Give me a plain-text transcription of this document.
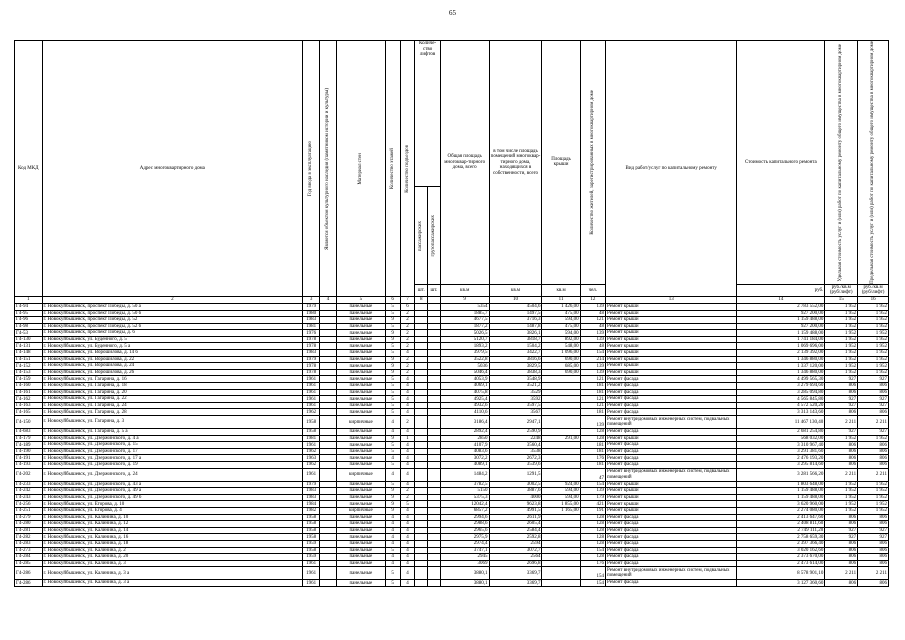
65
Код МКД	Адрес многоквартирного дома	Год ввода в эксплуатацию	Является объектом культурного наследия (памятником истории и культуры)	Материал стен	Количество этажей	Количество подъездов	Количе-ство лифтов		Общая площадь многоквар-тирного дома, всего	в том числе площадь помещений многоквар-тирного дома, находящихся в собственности, всего	Площадь крыши	Количество жителей, зарегистрированных в многоквартирном доме	Вид работ/услуг по капитальному ремонту	Стоимость капитального ремонта	Удельная стоимость услуг и (или) работ по капитальному ремонту общего имущества в многоквартирном доме	Предельная стоимость услуг и (или) работ по капитальному ремонту общего имущества в многоквартирном доме

							пассажирских	грузопассажирских								

							шт.	шт.	кв.м	кв.м	кв.м	чел.		руб.	руб./кв.м (руб/лифт)	руб./кв.м (руб/лифт)
1	2	3	4	5	6	7	8		9	10	11	12	13	14	15	16
Г4-94	г. Новокуйбышевск, проспект Победы, д. 50 а	1979		панельные	5	6			5354	4504,6	1 426,00	139	Ремонт крыши	2 783 552,00	1 952	1 952
Г4-95	г. Новокуйбышевск, проспект Победы, д. 50 б	1980		панельные	5	2			1885,7	1497,5	475,00	48	Ремонт крыши	927 200,00	1 952	1 952
Г4-96	г. Новокуйбышевск, проспект Победы, д. 52	1983		панельные	9	2			4677,5	3716,3	594,00	121	Ремонт крыши	1 159 488,00	1 952	1 952
Г4-98	г. Новокуйбышевск, проспект Победы, д. 52 б	1981		панельные	5	2			1877,2	1487,8	475,00	48	Ремонт крыши	927 200,00	1 952	1 952
Г4-53	г. Новокуйбышевск, проспект Победы, д. 6	1976		панельные	9	2			5026,5	3826,1	594,00	139	Ремонт крыши	1 159 488,00	1 952	1 952
Г4-130	г. Новокуйбышевск, ул. Буденного, д. 5	1978		панельные	9	2			5120,7	3818,7	892,00	139	Ремонт крыши	1 741 184,00	1 952	1 952
Г4-131	г. Новокуйбышевск, ул. Буденного, д. 5 а	1978		панельные	5	2			1893,2	1504,2	548,00	48	Ремонт крыши	1 069 696,00	1 952	1 952
Г4-148	г. Новокуйбышевск, ул. Ворошилова, д. 14 б	1983		панельные	5	4			3979,5	3422,7	1 096,00	154	Ремонт крыши	2 139 392,00	1 952	1 952
Г4-151	г. Новокуйбышевск, ул. Ворошилова, д. 22	1979		панельные	9	2			3522,8	3816,6	690,00	214	Ремонт крыши	1 346 880,00	1 952	1 952
Г4-152	г. Новокуйбышевск, ул. Ворошилова, д. 24	1978		панельные	9	2			5036	3829,5	685,00	139	Ремонт крыши	1 337 120,00	1 952	1 952
Г4-153	г. Новокуйбышевск, ул. Ворошилова, д. 26	1978		панельные	9	2			5046,4	3838,3	690,00	139	Ремонт крыши	1 346 880,00	1 952	1 952
Г4-159	г. Новокуйбышевск, ул. Гагарина, д. 16	1961		панельные	5	4			4053,9	3548,9		121	Ремонт фасада	4 499 565,30	927	927
Г4-160	г. Новокуйбышевск, ул. Гагарина, д. 18	1961		панельные	5	4			4069,1	3521,2		181	Ремонт фасада	3 279 694,60	806	806
Г4-161	г. Новокуйбышевск, ул. Гагарина, д. 20	1961		панельные	5	4			4075,8	3529		181	Ремонт фасада	3 285 094,80	806	806
Г4-162	г. Новокуйбышевск, ул. Гагарина, д. 22	1961		панельные	5	4			4925,4	3592		121	Ремонт фасада	4 565 845,80	927	927
Г4-163	г. Новокуйбышевск, ул. Гагарина, д. 24	1961		панельные	5	4			4932,6	3597,5		121	Ремонт фасада	4 572 520,20	927	927
Г4-165	г. Новокуйбышевск, ул. Гагарина, д. 28	1962		панельные	5	4			4110,6	3567		181	Ремонт фасада	3 313 143,60	806	806
Г4-150	г. Новокуйбышевск, ул. Гагарина, д. 3	1958		кирпичные	4	2			3186,4	2947,1		139	Ремонт внутридомовых инженерных систем, подвальных помещений	11 467 130,40	2 211	2 211
Г4-683	г. Новокуйбышевск, ул. Гагарина, д. 5 а	1958		панельные	4	4			2892,4	2590,9		128	Ремонт фасада	2 681 254,80	927	927
Г4-179	г. Новокуйбышевск, ул. Дзержинского, д. 4 а	1981		панельные	9	1			2850	2248	291,00	128	Ремонт крыши	568 032,00	1 952	1 952
Г4-189	г. Новокуйбышевск, ул. Дзержинского, д. 15	1961		панельные	5	4			4107,9	3560,4		181	Ремонт фасада	3 310 967,40	806	806
Г4-190	г. Новокуйбышевск, ул. Дзержинского, д. 17	1962		панельные	5	4			4083,6	3538		181	Ремонт фасада	3 291 381,60	806	806
Г4-191	г. Новокуйбышевск, ул. Дзержинского, д. 17 а	1963		панельные	4	4			3072,2	2672,3		176	Ремонт фасада	2 476 193,20	806	806
Г4-193	г. Новокуйбышевск, ул. Дзержинского, д. 19	1962		панельные	5	4			4089,1	3539,6		181	Ремонт фасада	3 295 814,60	806	806
Г4-202	г. Новокуйбышевск, ул. Дзержинского, д. 24	1961		кирпичные	4	4			1484,2	1291,5		47	Ремонт внутридомовых инженерных систем, подвальных помещений	3 281 566,20	2 211	2 211
Г4-233	г. Новокуйбышевск, ул. Дзержинского, д. 43 а	1979		панельные	5	4			3782,5	3002,5	924,00	154	Ремонт крыши	1 803 648,00	1 952	1 952
Г4-242	г. Новокуйбышевск, ул. Дзержинского, д. 49 а	1983		панельные	9	2			5150	3887,6	594,00	139	Ремонт крыши	1 159 488,00	1 952	1 952
Г4-243	г. Новокуйбышевск, ул. Дзержинского, д. 49 б	1983		панельные	9	2			5375,3	4000	594,00	179	Ремонт крыши	1 159 488,00	1 952	1 952
Г4-256	г. Новокуйбышевск, ул. Егорова, д. 10	1984		панельные	9	5			12042,4	9623,8	1 855,00	421	Ремонт крыши	3 620 960,00	1 952	1 952
Г4-251	г. Новокуйбышевск, ул. Егорова, д. 4	1982		кирпичные	9	4			6857,2	4991,5	1 165,00	191	Ремонт крыши	2 274 080,00	1 952	1 952
Г4-279	г. Новокуйбышевск, ул. Калинина, д. 10	1958		панельные	4	4			2994,6	2611,9		128	Ремонт фасада	2 413 647,60	806	806
Г4-280	г. Новокуйбышевск, ул. Калинина, д. 12	1958		панельные	4	4			2988,6	2605,4		128	Ремонт фасада	2 408 811,60	806	806
Г4-281	г. Новокуйбышевск, ул. Калинина, д. 14	1958		панельные	4	4			2965,6	2584,4		128	Ремонт фасада	2 749 111,20	927	927
Г4-282	г. Новокуйбышевск, ул. Калинина, д. 16	1958		панельные	4	4			2975,9	2592,8		128	Ремонт фасада	2 758 659,30	927	927
Г4-283	г. Новокуйбышевск, ул. Калинина, д. 18	1959		панельные	4	4			2974,4	2594		128	Ремонт фасада	2 397 366,40	806	806
Г4-273	г. Новокуйбышевск, ул. Калинина, д. 2	1958		панельные	5	4			3747,1	3072,7		154	Ремонт фасада	3 020 162,60	806	806
Г4-284	г. Новокуйбышевск, ул. Калинина, д. 20	1959		панельные	4	4			2945	2564		128	Ремонт фасада	2 373 670,00	806	806
Г4-285	г. Новокуйбышевск, ул. Калинина, д. 3	1961		панельные	4	4			3069	2696,8		176	Ремонт фасада	2 473 614,00	806	806
Г4-286	г. Новокуйбышевск, ул. Калинина, д. 3 а	1961		панельные	5	4			3880,1	3369,7		154	Ремонт внутридомовых инженерных систем, подвальных помещений	8 578 901,10	2 211	2 211
Г4-286	г. Новокуйбышевск, ул. Калинина, д. 3 а	1961		панельные	5	4			3880,1	3369,7		154	Ремонт фасада	3 127 360,60	806	806
